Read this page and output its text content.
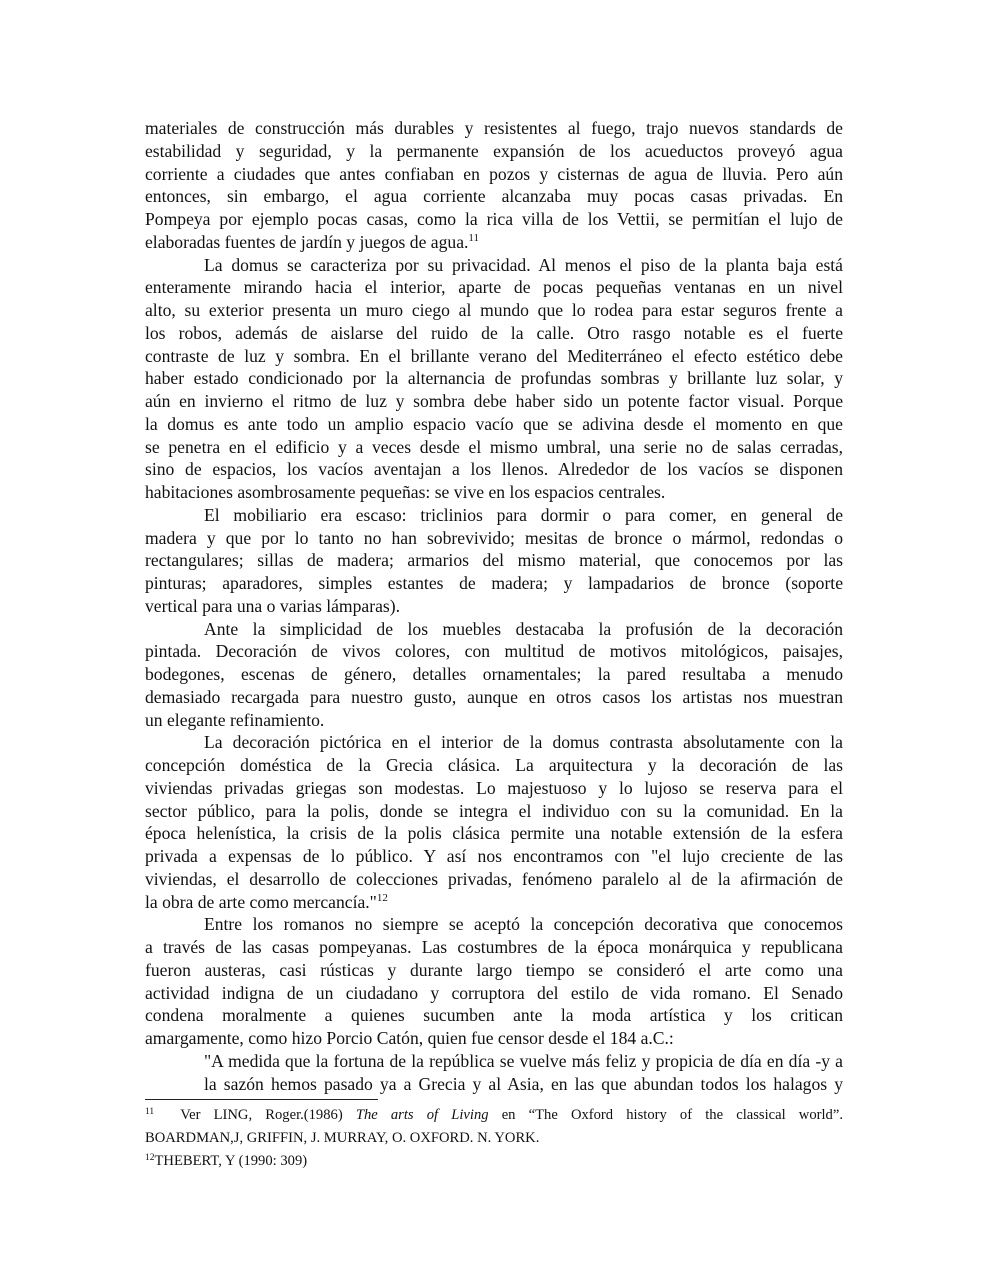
materiales de construcción más durables y resistentes al fuego, trajo nuevos standards de
estabilidad y seguridad, y la permanente expansión de los acueductos proveyó agua
corriente a ciudades que antes confiaban en pozos y cisternas de agua de lluvia. Pero aún
entonces, sin embargo, el agua corriente alcanzaba muy pocas casas privadas. En
Pompeya por ejemplo pocas casas, como la rica villa de los Vettii, se permitían el lujo de
elaboradas fuentes de jardín y juegos de agua.$^{11}$
La domus se caracteriza por su privacidad. Al menos el piso de la planta baja está
enteramente mirando hacia el interior, aparte de pocas pequeñas ventanas en un nivel
alto, su exterior presenta un muro ciego al mundo que lo rodea para estar seguros frente a
los robos, además de aislarse del ruido de la calle. Otro rasgo notable es el fuerte
contraste de luz y sombra. En el brillante verano del Mediterráneo el efecto estético debe
haber estado condicionado por la alternancia de profundas sombras y brillante luz solar, y
aún en invierno el ritmo de luz y sombra debe haber sido un potente factor visual. Porque
la domus es ante todo un amplio espacio vacío que se adivina desde el momento en que
se penetra en el edificio y a veces desde el mismo umbral, una serie no de salas cerradas,
sino de espacios, los vacíos aventajan a los llenos. Alrededor de los vacíos se disponen
habitaciones asombrosamente pequeñas: se vive en los espacios centrales.
El mobiliario era escaso: triclinios para dormir o para comer, en general de
madera y que por lo tanto no han sobrevivido; mesitas de bronce o mármol, redondas o
rectangulares; sillas de madera; armarios del mismo material, que conocemos por las
pinturas; aparadores, simples estantes de madera; y lampadarios de bronce (soporte
vertical para una o varias lámparas).
Ante la simplicidad de los muebles destacaba la profusión de la decoración
pintada. Decoración de vivos colores, con multitud de motivos mitológicos, paisajes,
bodegones, escenas de género, detalles ornamentales; la pared resultaba a menudo
demasiado recargada para nuestro gusto, aunque en otros casos los artistas nos muestran
un elegante refinamiento.
La decoración pictórica en el interior de la domus contrasta absolutamente con la
concepción doméstica de la Grecia clásica. La arquitectura y la decoración de las
viviendas privadas griegas son modestas. Lo majestuoso y lo lujoso se reserva para el
sector público, para la polis, donde se integra el individuo con su la comunidad. En la
época helenística, la crisis de la polis clásica permite una notable extensión de la esfera
privada a expensas de lo público. Y así nos encontramos con "el lujo creciente de las
viviendas, el desarrollo de colecciones privadas, fenómeno paralelo al de la afirmación de
la obra de arte como mercancía."$^{12}$
Entre los romanos no siempre se aceptó la concepción decorativa que conocemos
a través de las casas pompeyanas. Las costumbres de la época monárquica y republicana
fueron austeras, casi rústicas y durante largo tiempo se consideró el arte como una
actividad indigna de un ciudadano y corruptora del estilo de vida romano. El Senado
condena moralmente a quienes sucumben ante la moda artística y los critican
amargamente, como hizo Porcio Catón, quien fue censor desde el 184 a.C.:
"A medida que la fortuna de la república se vuelve más feliz y propicia de día en día -y a
la sazón hemos pasado ya a Grecia y al Asia, en las que abundan todos los halagos y
$^{11}$ Ver LING, Roger.(1986) The arts of Living en “The Oxford history of the classical world”.
BOARDMAN,J, GRIFFIN, J. MURRAY, O. OXFORD. N. YORK.
$^{12}$THEBERT, Y (1990: 309)
